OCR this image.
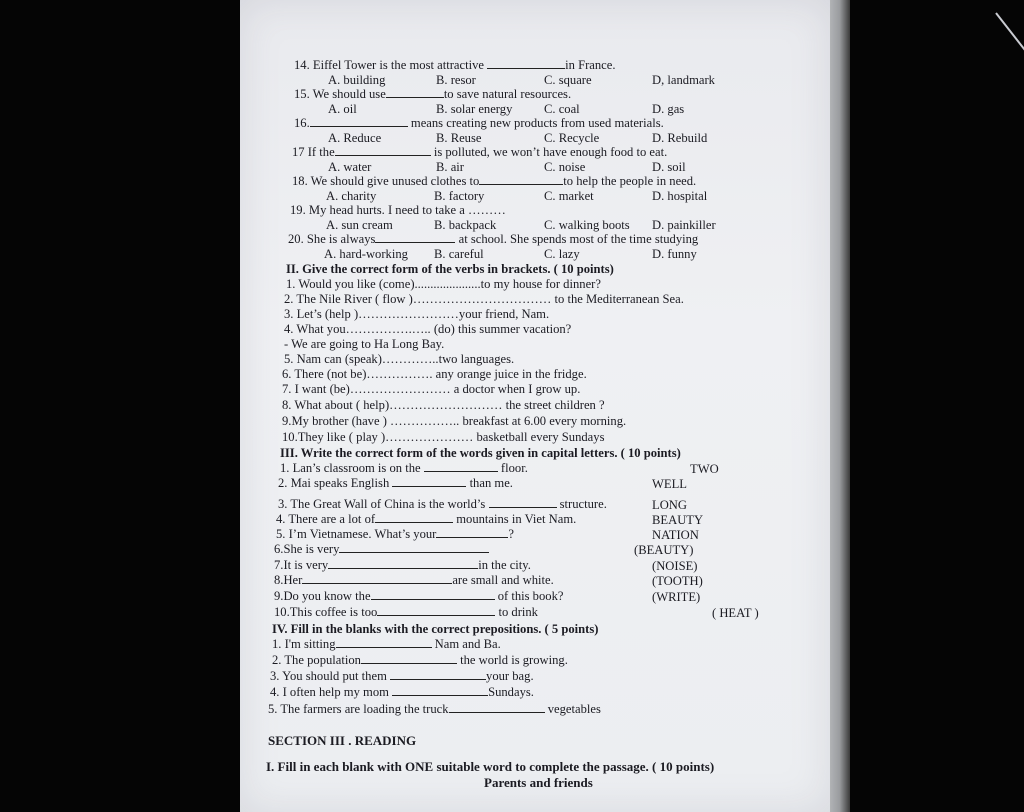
14. Eiffel Tower is the most attractive	in France.
A. building	B. resor	C. square	D, landmark
15. We should use	to save natural resources.
A. oil	B. solar energy	C. coal	D. gas
16.	means creating new products from used materials.
A. Reduce	B. Reuse	C. Recycle	D. Rebuild
17 If the	is polluted, we won’t have enough food to eat.
A. water	B. air	C. noise	D. soil
18. We should give unused clothes to	to help the people in need.
A. charity	B. factory	C. market	D. hospital
19. My head hurts. I need to take a ………
A. sun cream	B. backpack	C. walking boots D. painkiller
20. She is always	at school. She spends most of the time studying
A. hard-working B. careful	C. lazy	D. funny
II. Give the correct form of the verbs in brackets. ( 10 points)
1. Would you like (come).....................to my house for dinner?
2. The Nile River ( flow )…………………………… to the Mediterranean Sea.
3. Let’s (help )……………………your friend, Nam.
4. What you…………….….. (do) this summer vacation?
- We are going to Ha Long Bay.
5. Nam can (speak)…………..two languages.
6. There (not be)……………. any orange juice in the fridge.
7. I want (be)…………………… a doctor when I grow up.
8. What about ( help)……………………… the street children ?
9.My brother (have ) …………….. breakfast at 6.00 every morning.
10.They like ( play )………………… basketball every Sundays
III. Write the correct form of the words given in capital letters. ( 10 points)
1. Lan’s classroom is on the	floor.	TWO
2. Mai speaks English	than me.	WELL
3. The Great Wall of China is the world’s	structure.	LONG
4. There are a lot of	mountains in Viet Nam.	BEAUTY
5. I’m Vietnamese. What’s your	?	NATION
6.She is very	(BEAUTY)
7.It is very	in the city.	(NOISE)
8.Her	are small and white.	(TOOTH)
9.Do you know the	of this book?	(WRITE)
10.This coffee is too	to drink	( HEAT )
IV. Fill in the blanks with the correct prepositions. ( 5 points)
1. I'm sitting	Nam and Ba.
2. The population	the world is growing.
3. You should put them	your bag.
4. I often help my mom	Sundays.
5. The farmers are loading the truck	vegetables
SECTION III . READING
I. Fill in each blank with ONE suitable word to complete the passage. ( 10 points)
Parents and friends
